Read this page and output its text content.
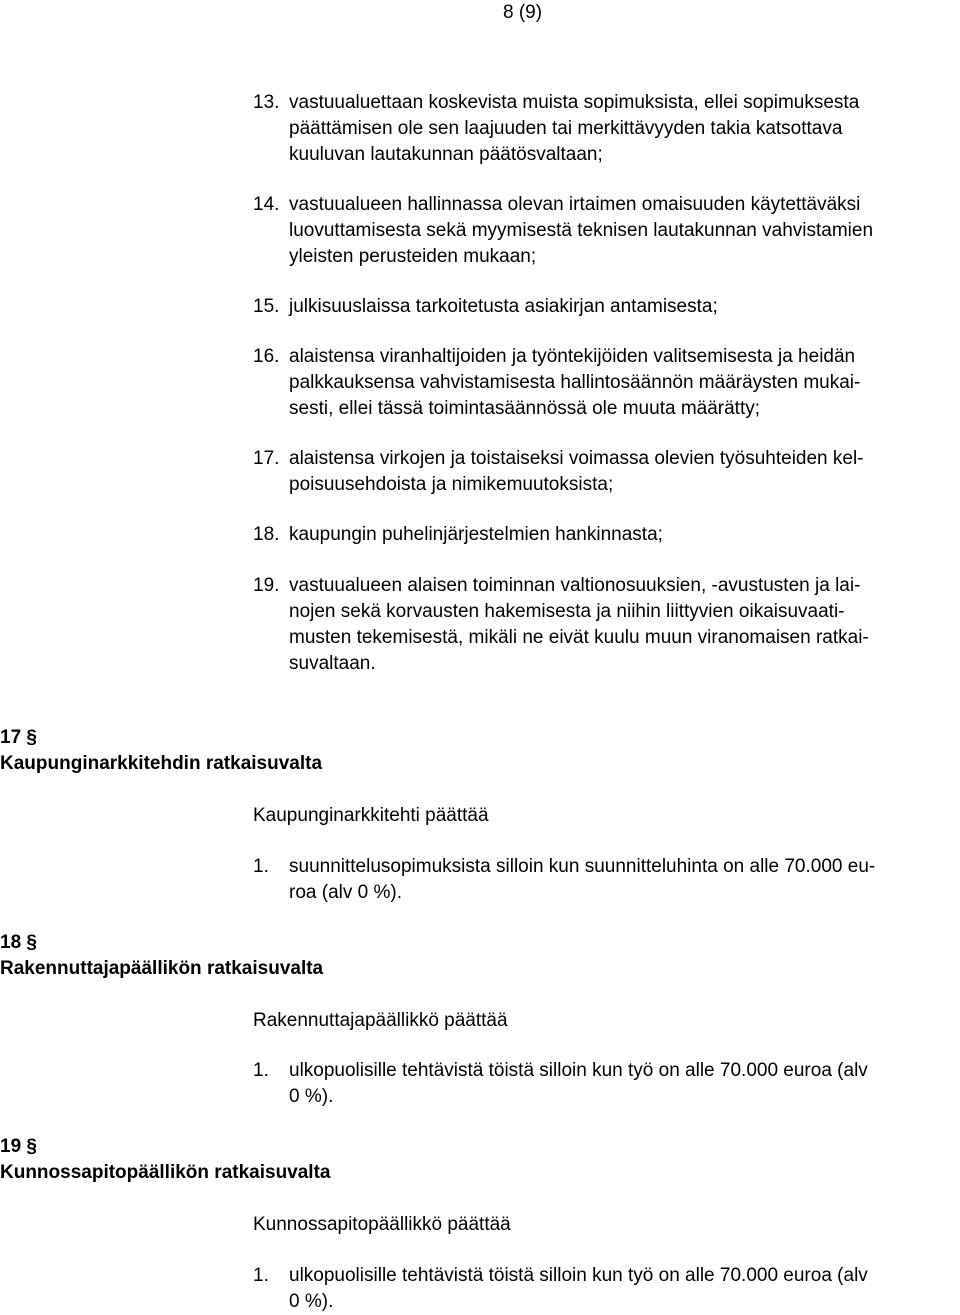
8 (9)
13. vastuualuettaan koskevista muista sopimuksista, ellei sopimuksesta
päättämisen ole sen laajuuden tai merkittävyyden takia katsottava
kuuluvan lautakunnan päätösvaltaan;
14. vastuualueen hallinnassa olevan irtaimen omaisuuden käytettäväksi
luovuttamisesta sekä myymisestä teknisen lautakunnan vahvistamien
yleisten perusteiden mukaan;
15. julkisuuslaissa tarkoitetusta asiakirjan antamisesta;
16. alaistensa viranhaltijoiden ja työntekijöiden valitsemisesta ja heidän
palkkauksensa vahvistamisesta hallintosäännön määräysten mukai-
sesti, ellei tässä toimintasäännössä ole muuta määrätty;
17. alaistensa virkojen ja toistaiseksi voimassa olevien työsuhteiden kel-
poisuusehdoista ja nimikemuutoksista;
18. kaupungin puhelinjärjestelmien hankinnasta;
19. vastuualueen alaisen toiminnan valtionosuuksien, -avustusten ja lai-
nojen sekä korvausten hakemisesta ja niihin liittyvien oikaisuvaati-
musten tekemisestä, mikäli ne eivät kuulu muun viranomaisen ratkai-
suvaltaan.
17 §
Kaupunginarkkitehdin ratkaisuvalta
Kaupunginarkkitehti päättää
1. suunnittelusopimuksista silloin kun suunnitteluhinta on alle 70.000 eu-
roa (alv 0 %).
18 §
Rakennuttajapäällikön ratkaisuvalta
Rakennuttajapäällikkö päättää
1. ulkopuolisille tehtävistä töistä silloin kun työ on alle 70.000 euroa (alv
0 %).
19 §
Kunnossapitopäällikön ratkaisuvalta
Kunnossapitopäällikkö päättää
1. ulkopuolisille tehtävistä töistä silloin kun työ on alle 70.000 euroa (alv
0 %).
